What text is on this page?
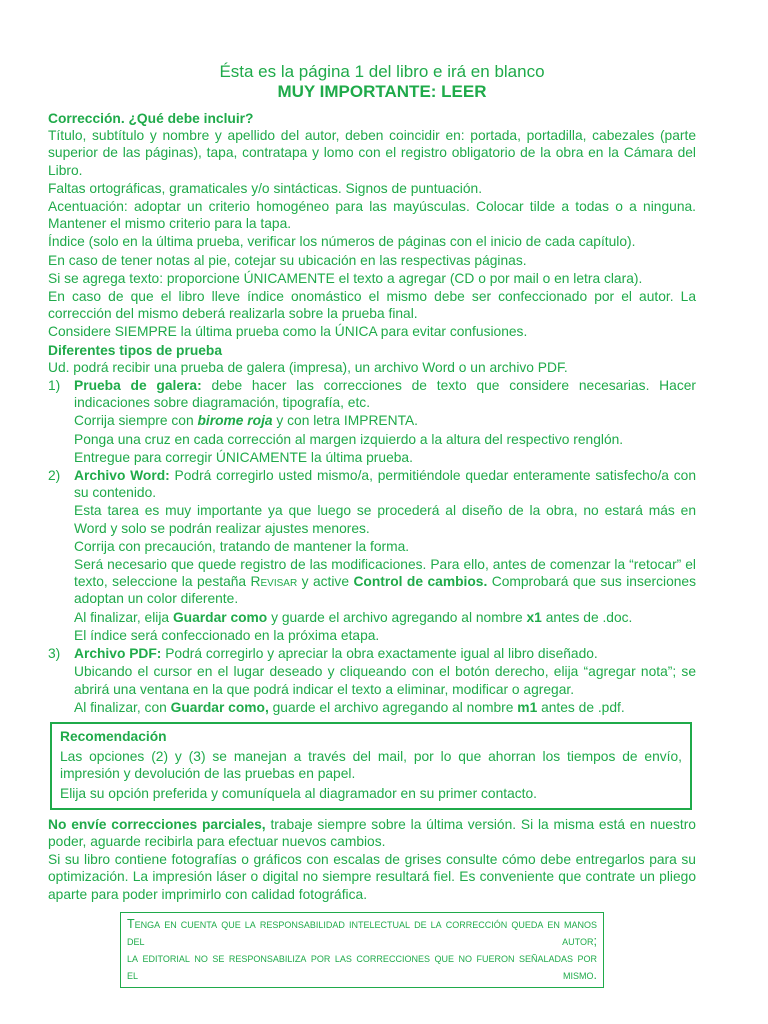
Ésta es la página 1 del libro e irá en blanco
MUY IMPORTANTE: LEER
Corrección. ¿Qué debe incluir?

Título, subtítulo y nombre y apellido del autor, deben coincidir en: portada, portadilla, cabezales (parte superior de las páginas), tapa, contratapa y lomo con el registro obligatorio de la obra en la Cámara del Libro.

Faltas ortográficas, gramaticales y/o sintácticas. Signos de puntuación.

Acentuación: adoptar un criterio homogéneo para las mayúsculas. Colocar tilde a todas o a ninguna. Mantener el mismo criterio para la tapa.

Índice (solo en la última prueba, verificar los números de páginas con el inicio de cada capítulo).

En caso de tener notas al pie, cotejar su ubicación en las respectivas páginas.

Si se agrega texto: proporcione ÚNICAMENTE el texto a agregar (CD o por mail o en letra clara).

En caso de que el libro lleve índice onomástico el mismo debe ser confeccionado por el autor. La corrección del mismo deberá realizarla sobre la prueba final.

Considere SIEMPRE la última prueba como la ÚNICA para evitar confusiones.

Diferentes tipos de prueba

Ud. podrá recibir una prueba de galera (impresa), un archivo Word o un archivo PDF.

1) Prueba de galera: debe hacer las correcciones de texto que considere necesarias. Hacer indicaciones sobre diagramación, tipografía, etc.

Corrija siempre con birome roja y con letra IMPRENTA.

Ponga una cruz en cada corrección al margen izquierdo a la altura del respectivo renglón.

Entregue para corregir ÚNICAMENTE la última prueba.

2) Archivo Word: Podrá corregirlo usted mismo/a, permitiéndole quedar enteramente satisfecho/a con su contenido.

Esta tarea es muy importante ya que luego se procederá al diseño de la obra, no estará más en Word y solo se podrán realizar ajustes menores.

Corrija con precaución, tratando de mantener la forma.

Será necesario que quede registro de las modificaciones. Para ello, antes de comenzar la “retocar” el texto, seleccione la pestaña Revisar y active Control de cambios. Comprobará que sus inserciones adoptan un color diferente.

Al finalizar, elija Guardar como y guarde el archivo agregando al nombre x1 antes de .doc.

El índice será confeccionado en la próxima etapa.

3) Archivo PDF: Podrá corregirlo y apreciar la obra exactamente igual al libro diseñado.

Ubicando el cursor en el lugar deseado y cliqueando con el botón derecho, elija “agregar nota”; se abrirá una ventana en la que podrá indicar el texto a eliminar, modificar o agregar.

Al finalizar, con Guardar como, guarde el archivo agregando al nombre m1 antes de .pdf.

Recomendación

Las opciones (2) y (3) se manejan a través del mail, por lo que ahorran los tiempos de envío, impresión y devolución de las pruebas en papel.

Elija su opción preferida y comuníquela al diagramador en su primer contacto.

No envíe correcciones parciales, trabaje siempre sobre la última versión. Si la misma está en nuestro poder, aguarde recibirla para efectuar nuevos cambios.

Si su libro contiene fotografías o gráficos con escalas de grises consulte cómo debe entregarlos para su optimización. La impresión láser o digital no siempre resultará fiel. Es conveniente que contrate un pliego aparte para poder imprimirlo con calidad fotográfica.

Tenga en cuenta que la responsabilidad intelectual de la corrección queda en manos del autor;
la editorial no se responsabiliza por las correcciones que no fueron señaladas por el mismo.
